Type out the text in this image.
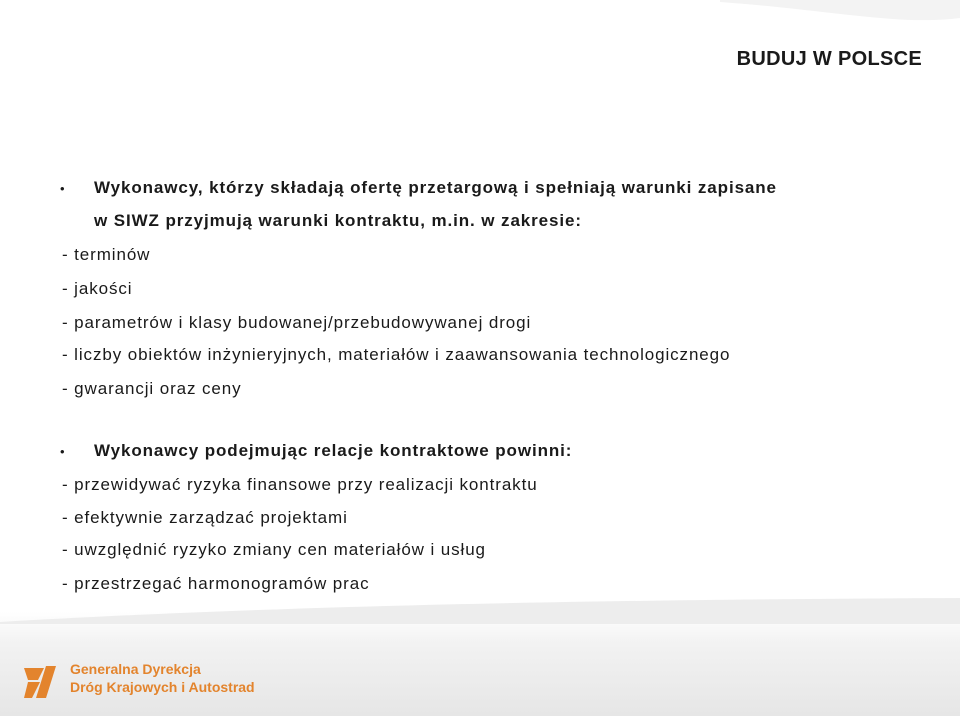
BUDUJ W POLSCE
• Wykonawcy, którzy składają ofertę przetargową i spełniają warunki zapisane
w SIWZ przyjmują warunki kontraktu, m.in. w zakresie:
- terminów
- jakości
- parametrów i klasy budowanej/przebudowywanej drogi
- liczby obiektów inżynieryjnych, materiałów i zaawansowania technologicznego
- gwarancji oraz ceny
• Wykonawcy podejmując relacje kontraktowe powinni:
- przewidywać ryzyka finansowe przy realizacji kontraktu
- efektywnie zarządzać projektami
- uwzględnić ryzyko zmiany cen materiałów i usług
- przestrzegać harmonogramów prac
Generalna Dyrekcja
Dróg Krajowych i Autostrad
